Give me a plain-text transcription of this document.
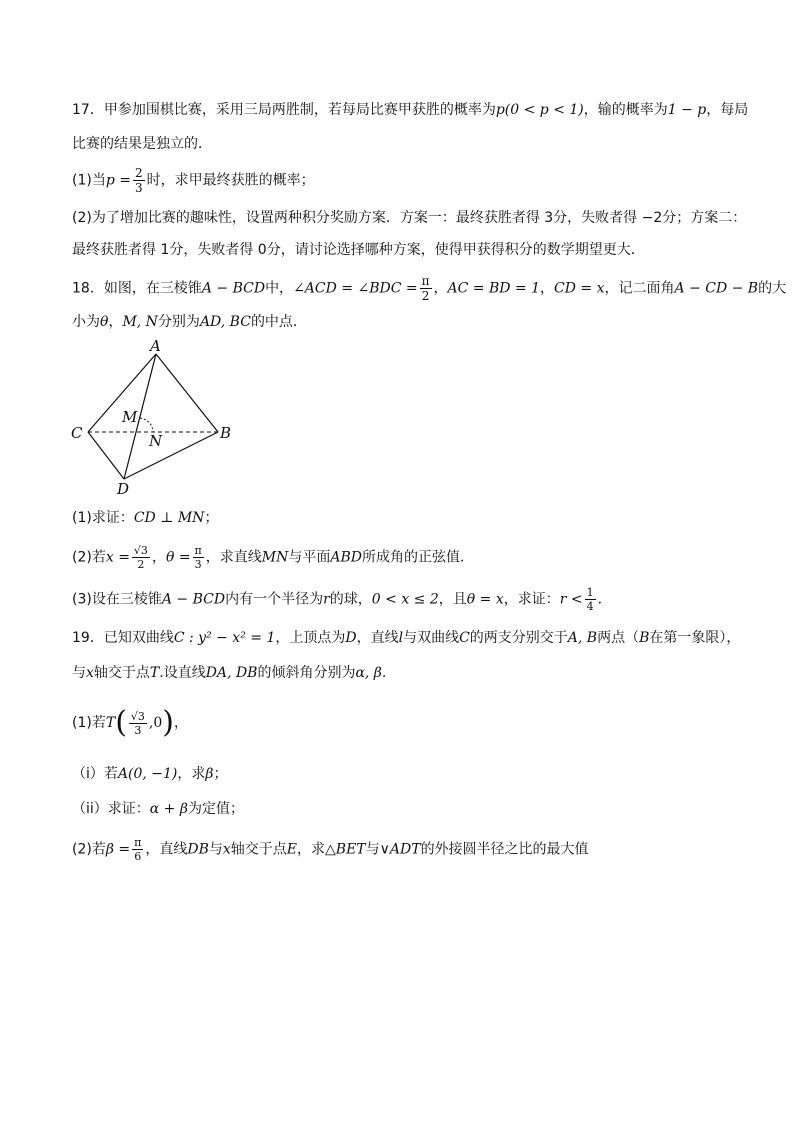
17．甲参加围棋比赛，采用三局两胜制，若每局比赛甲获胜的概率为p(0 < p < 1)，输的概率为1 − p，每局
比赛的结果是独立的．
(1)当$p = \frac{2}{3}$ 时，求甲最终获胜的概率；
(2)为了增加比赛的趣味性，设置两种积分奖励方案．方案一：最终获胜者得 3分，失败者得 −2分；方案二：
最终获胜者得 1分，失败者得 0分，请讨论选择哪种方案，使得甲获得积分的数学期望更大．
18．如图，在三棱锥A − BCD中，∠ACD = ∠BDC = $\frac{\pi}{2}$ ，AC = BD = 1，CD = x，记二面角A − CD − B的大
小为θ，M, N分别为AD, BC的中点．
A
C	B
D
M
N
(1)求证：CD ⊥ MN；
(2)若$x = \frac{√3}{2}$ ，$\theta = \frac{\pi}{3}$ ，求直线MN与平面ABD所成角的正弦值．
(3)设在三棱锥A − BCD内有一个半径为r的球，0 < x ≤ 2，且θ = x，求证：$r < \frac{1}{4}$ ．
19．已知双曲线C : y² − x² = 1，上顶点为D，直线l与双曲线C的两支分别交于A, B两点（B在第一象限），
与x轴交于点T.设直线DA, DB的倾斜角分别为α, β.
(1)若$T( \frac{√3}{3} ,0)$，
（i）若A(0, −1)，求β；
（ii）求证：α + β为定值；
(2)若$\beta = \frac{\pi}{6}$ ，直线DB与x轴交于点E，求△BET与∨ADT的外接圆半径之比的最大值
